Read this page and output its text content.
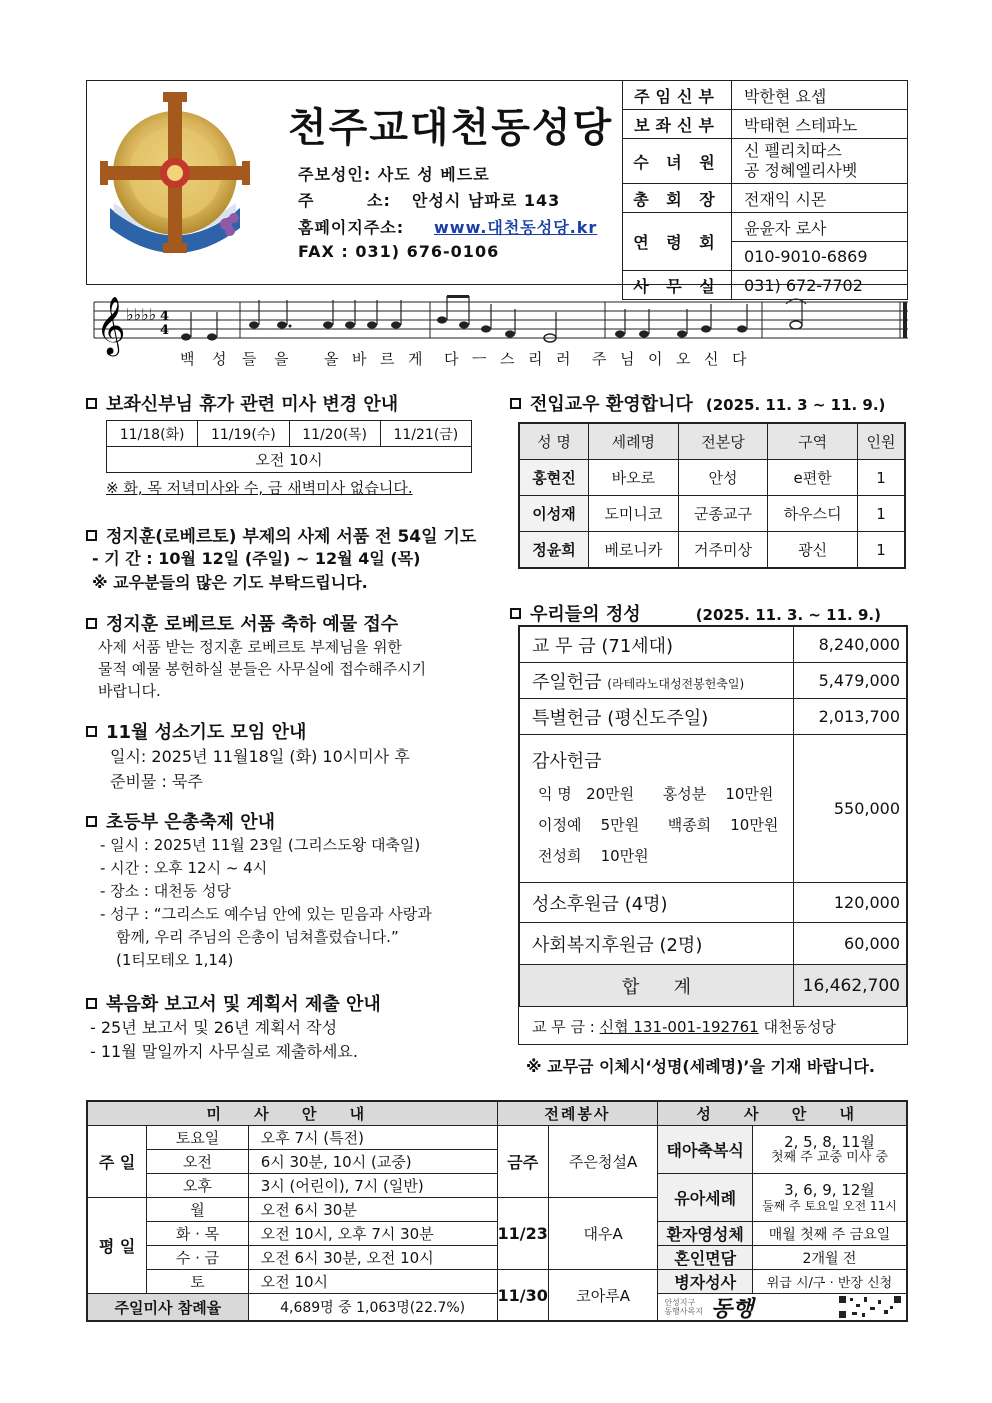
천주교대천동성당
주보성인: 사도 성 베드로
주        소: 안성시 남파로 143
홈페이지주소: www.대천동성당.kr
FAX : 031) 676-0106
주임신부	박한현 요셉
보좌신부	박태현 스테파노
수 녀 원	신 펠리치따스
공 정혜엘리사벳

총 회 장	전재익 시몬
연 령 회	윤윤자 로사
	010-9010-6869
사 무 실	031) 672-7702
𝄞 ♭♭♭♭ 4
4
백 성 들 을 올 바 르 게 다 ㅡ 스 리 러 주 님 이 오 신 다
보좌신부님 휴가 관련 미사 변경 안내
11/18(화)	11/19(수)	11/20(목)	11/21(금)
오전 10시
※ 화, 목 저녁미사와 수, 금 새벽미사 없습니다.
정지훈(로베르토) 부제의 사제 서품 전 54일 기도
- 기 간 : 10월 12일 (주일) ~ 12월 4일 (목)
※ 교우분들의 많은 기도 부탁드립니다.
정지훈 로베르토 서품 축하 예물 접수
사제 서품 받는 정지훈 로베르토 부제님을 위한
물적 예물 봉헌하실 분들은 사무실에 접수해주시기
바랍니다.
11월 성소기도 모임 안내
일시: 2025년 11월18일 (화) 10시미사 후
준비물 : 묵주
초등부 은총축제 안내
- 일시 : 2025년 11월 23일 (그리스도왕 대축일)
- 시간 : 오후 12시 ~ 4시
- 장소 : 대천동 성당
- 성구 : “그리스도 예수님 안에 있는 믿음과 사랑과
함께, 우리 주님의 은총이 넘쳐흘렀습니다.”
(1티모테오 1,14)
복음화 보고서 및 계획서 제출 안내
- 25년 보고서 및 26년 계획서 작성
- 11월 말일까지 사무실로 제출하세요.
전입교우 환영합니다 (2025. 11. 3 ~ 11. 9.)
성 명	세례명	전본당	구역	인원
홍현진	바오로	안성	e편한	1
이성재	도미니코	군종교구	하우스디	1
정윤희	베로니카	거주미상	광신	1
우리들의 정성	(2025. 11. 3. ~ 11. 9.)
교 무 금 (71세대)	8,240,000
주일헌금 (라테라노대성전봉헌축일)	5,479,000
특별헌금 (평신도주일)	2,013,700

감사헌금
익 명 20만원 홍성분 10만원
이정예 5만원 백종희 10만원
전성희 10만원	550,000
성소후원금 (4명)	120,000
사회복지후원금 (2명)	60,000
합      계	16,462,700
교 무 금 : 신협 131-001-192761 대천동성당
※ 교무금 이체시‘성명(세례명)’을 기재 바랍니다.
미 사 안 내			전례봉사		성 사 안 내	
주 일	토요일	오후 7시 (특전)	금주	주은청설A	태아축복식	2, 5, 8, 11월
첫째 주 교중 미사 중

	오전	6시 30분, 10시 (교중)				
	오후	3시 (어린이), 7시 (일반)			유아세례	3, 6, 9, 12월
둘째 주 토요일 오전 11시

평 일	월	오전 6시 30분	11/23	대우A		
	화 · 목	오전 10시, 오후 7시 30분			환자영성체	매월 첫째 주 금요일
	수 · 금	오전 6시 30분, 오전 10시			혼인면담	2개월 전
	토	오전 10시	11/30	코아루A	병자성사	위급 시/구 · 반장 신청
주일미사 참례율		4,689명 중 1,063명(22.7%)			안성지구
동행사목지 동행	
